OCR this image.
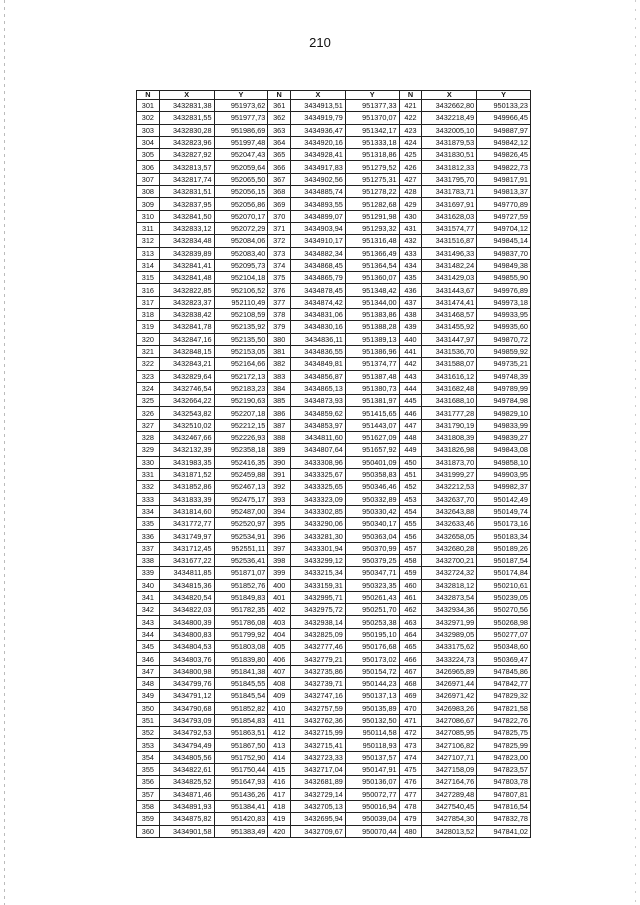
210
N	X	Y	N	X	Y	N	X	Y
301	3432831,38	951973,62	361	3434913,51	951377,33	421	3432662,80	950133,23
302	3432831,55	951977,73	362	3434919,79	951370,07	422	3432218,49	949966,45
303	3432830,28	951986,69	363	3434936,47	951342,17	423	3432005,10	949887,97
304	3432823,96	951997,48	364	3434920,16	951333,18	424	3431879,53	949842,12
305	3432827,92	952047,43	365	3434928,41	951318,86	425	3431830,51	949826,45
306	3432813,57	952059,64	366	3434917,83	951279,52	426	3431812,33	949822,73
307	3432817,74	952065,50	367	3434902,56	951275,31	427	3431795,70	949817,91
308	3432831,51	952056,15	368	3434885,74	951278,22	428	3431783,71	949813,37
309	3432837,95	952056,86	369	3434893,55	951282,68	429	3431697,91	949770,89
310	3432841,50	952070,17	370	3434899,07	951291,98	430	3431628,03	949727,59
311	3432833,12	952072,29	371	3434903,94	951293,32	431	3431574,77	949704,12
312	3432834,48	952084,06	372	3434910,17	951316,48	432	3431516,87	949845,14
313	3432839,89	952083,40	373	3434882,34	951366,49	433	3431496,33	949837,70
314	3432841,41	952095,73	374	3434868,45	951364,54	434	3431482,24	949849,38
315	3432841,48	952104,18	375	3434865,79	951360,07	435	3431429,03	949855,90
316	3432822,85	952106,52	376	3434878,45	951348,42	436	3431443,67	949976,89
317	3432823,37	952110,49	377	3434874,42	951344,00	437	3431474,41	949973,18
318	3432838,42	952108,59	378	3434831,06	951383,86	438	3431468,57	949933,95
319	3432841,78	952135,92	379	3434830,16	951388,28	439	3431455,92	949935,60
320	3432847,16	952135,50	380	3434836,11	951389,13	440	3431447,97	949870,72
321	3432848,15	952153,05	381	3434836,55	951386,96	441	3431536,70	949859,92
322	3432843,21	952164,66	382	3434849,81	951374,77	442	3431588,07	949735,21
323	3432829,64	952172,13	383	3434856,87	951387,48	443	3431616,12	949748,39
324	3432746,54	952183,23	384	3434865,13	951380,73	444	3431682,48	949789,99
325	3432664,22	952190,63	385	3434873,93	951381,97	445	3431688,10	949784,98
326	3432543,82	952207,18	386	3434859,62	951415,65	446	3431777,28	949829,10
327	3432510,02	952212,15	387	3434853,97	951443,07	447	3431790,19	949833,99
328	3432467,66	952226,93	388	3434811,60	951627,09	448	3431808,39	949839,27
329	3432132,39	952358,18	389	3434807,64	951657,92	449	3431826,98	949843,08
330	3431983,35	952416,35	390	3433308,96	950401,09	450	3431873,70	949858,10
331	3431871,52	952459,88	391	3433325,67	950358,83	451	3431999,27	949903,95
332	3431852,86	952467,13	392	3433325,65	950346,46	452	3432212,53	949982,37
333	3431833,39	952475,17	393	3433323,09	950332,89	453	3432637,70	950142,49
334	3431814,60	952487,00	394	3433302,85	950330,42	454	3432643,88	950149,74
335	3431772,77	952520,97	395	3433290,06	950340,17	455	3432633,46	950173,16
336	3431749,97	952534,91	396	3433281,30	950363,04	456	3432658,05	950183,34
337	3431712,45	952551,11	397	3433301,94	950370,99	457	3432680,28	950189,26
338	3431677,22	952536,41	398	3433299,12	950379,25	458	3432700,21	950187,54
339	3434811,85	951871,07	399	3433215,34	950347,71	459	3432724,32	950174,84
340	3434815,36	951852,76	400	3433159,31	950323,35	460	3432818,12	950210,61
341	3434820,54	951849,83	401	3432995,71	950261,43	461	3432873,54	950239,05
342	3434822,03	951782,35	402	3432975,72	950251,70	462	3432934,36	950270,56
343	3434800,39	951786,08	403	3432938,14	950253,38	463	3432971,99	950268,98
344	3434800,83	951799,92	404	3432825,09	950195,10	464	3432989,05	950277,07
345	3434804,53	951803,08	405	3432777,46	950176,68	465	3433175,62	950348,60
346	3434803,76	951839,80	406	3432779,21	950173,02	466	3433224,73	950369,47
347	3434800,98	951841,38	407	3432735,86	950154,72	467	3426965,89	947845,86
348	3434799,76	951845,55	408	3432739,71	950144,23	468	3426971,44	947842,77
349	3434791,12	951845,54	409	3432747,16	950137,13	469	3426971,42	947829,32
350	3434790,68	951852,82	410	3432757,59	950135,89	470	3426983,26	947821,58
351	3434793,09	951854,83	411	3432762,36	950132,50	471	3427086,67	947822,76
352	3434792,53	951863,51	412	3432715,99	950114,58	472	3427085,95	947825,75
353	3434794,49	951867,50	413	3432715,41	950118,93	473	3427106,82	947825,99
354	3434805,56	951752,90	414	3432723,33	950137,57	474	3427107,71	947823,00
355	3434822,61	951750,44	415	3432717,04	950147,91	475	3427158,09	947823,57
356	3434825,52	951647,93	416	3432681,89	950136,07	476	3427164,76	947803,78
357	3434871,46	951436,26	417	3432729,14	950072,77	477	3427289,48	947807,81
358	3434891,93	951384,41	418	3432705,13	950016,94	478	3427540,45	947816,54
359	3434875,82	951420,83	419	3432695,94	950039,04	479	3427854,30	947832,78
360	3434901,58	951383,49	420	3432709,67	950070,44	480	3428013,52	947841,02
